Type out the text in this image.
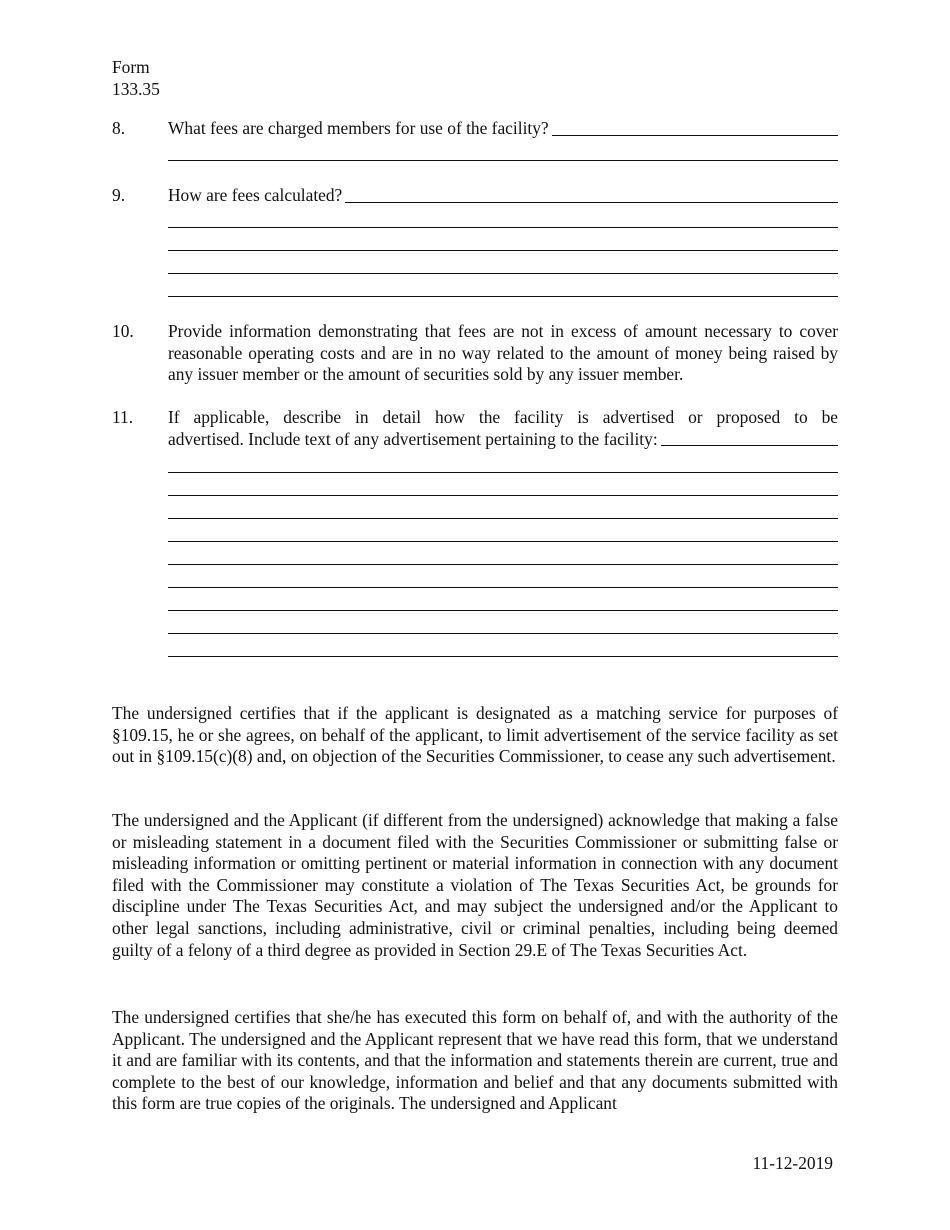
Form
133.35
8. What fees are charged members for use of the facility?
9. How are fees calculated?
10. Provide information demonstrating that fees are not in excess of amount necessary to cover reasonable operating costs and are in no way related to the amount of money being raised by any issuer member or the amount of securities sold by any issuer member.
11. If applicable, describe in detail how the facility is advertised or proposed to be
advertised. Include text of any advertisement pertaining to the facility:
The undersigned certifies that if the applicant is designated as a matching service for purposes of §109.15, he or she agrees, on behalf of the applicant, to limit advertisement of the service facility as set out in §109.15(c)(8) and, on objection of the Securities Commissioner, to cease any such advertisement.
The undersigned and the Applicant (if different from the undersigned) acknowledge that making a false or misleading statement in a document filed with the Securities Commissioner or submitting false or misleading information or omitting pertinent or material information in connection with any document filed with the Commissioner may constitute a violation of The Texas Securities Act, be grounds for discipline under The Texas Securities Act, and may subject the undersigned and/or the Applicant to other legal sanctions, including administrative, civil or criminal penalties, including being deemed guilty of a felony of a third degree as provided in Section 29.E of The Texas Securities Act.
The undersigned certifies that she/he has executed this form on behalf of, and with the authority of the Applicant. The undersigned and the Applicant represent that we have read this form, that we understand it and are familiar with its contents, and that the information and statements therein are current, true and complete to the best of our knowledge, information and belief and that any documents submitted with this form are true copies of the originals. The undersigned and Applicant
11-12-2019
